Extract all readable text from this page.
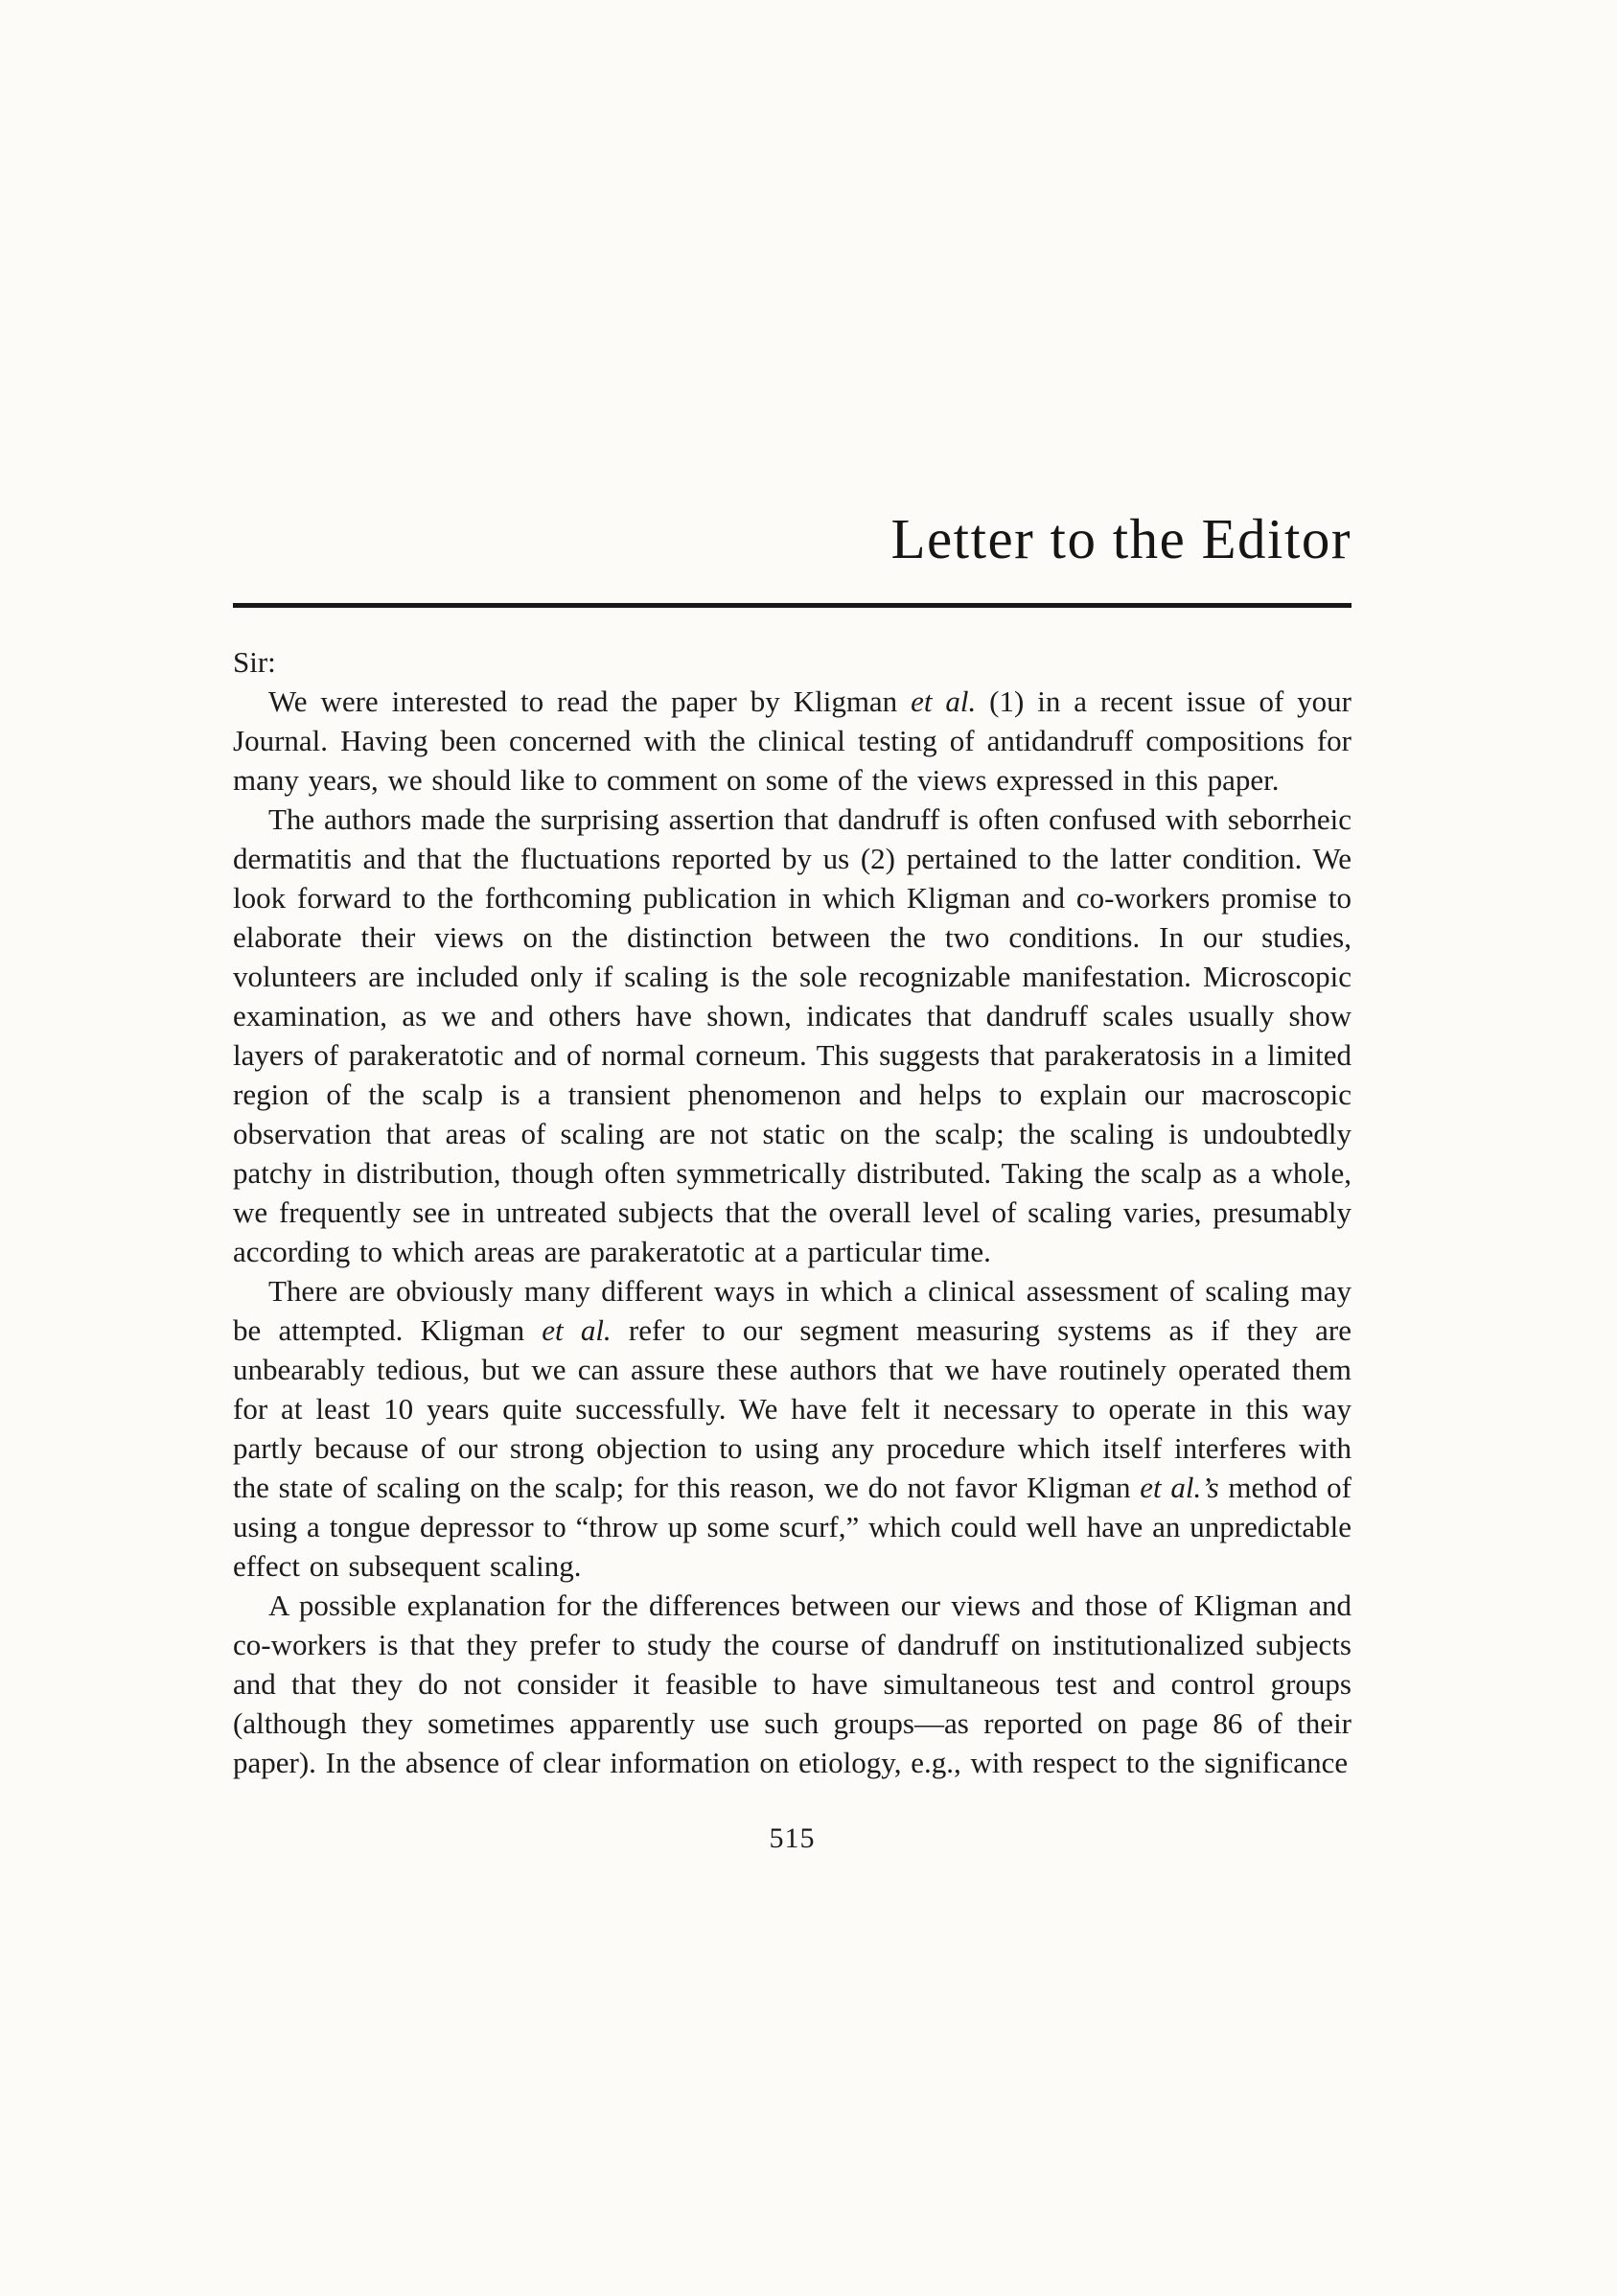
Letter to the Editor
Sir:

We were interested to read the paper by Kligman et al. (1) in a recent issue of your Journal. Having been concerned with the clinical testing of antidandruff compositions for many years, we should like to comment on some of the views expressed in this paper.

The authors made the surprising assertion that dandruff is often confused with seborrheic dermatitis and that the fluctuations reported by us (2) pertained to the latter condition. We look forward to the forthcoming publication in which Kligman and co-workers promise to elaborate their views on the distinction between the two conditions. In our studies, volunteers are included only if scaling is the sole recognizable manifestation. Microscopic examination, as we and others have shown, indicates that dandruff scales usually show layers of parakeratotic and of normal corneum. This suggests that parakeratosis in a limited region of the scalp is a transient phenomenon and helps to explain our macroscopic observation that areas of scaling are not static on the scalp; the scaling is undoubtedly patchy in distribution, though often symmetrically distributed. Taking the scalp as a whole, we frequently see in untreated subjects that the overall level of scaling varies, presumably according to which areas are parakeratotic at a particular time.

There are obviously many different ways in which a clinical assessment of scaling may be attempted. Kligman et al. refer to our segment measuring systems as if they are unbearably tedious, but we can assure these authors that we have routinely operated them for at least 10 years quite successfully. We have felt it necessary to operate in this way partly because of our strong objection to using any procedure which itself interferes with the state of scaling on the scalp; for this reason, we do not favor Kligman et al.’s method of using a tongue depressor to “throw up some scurf,” which could well have an unpredictable effect on subsequent scaling.

A possible explanation for the differences between our views and those of Kligman and co-workers is that they prefer to study the course of dandruff on institutionalized subjects and that they do not consider it feasible to have simultaneous test and control groups (although they sometimes apparently use such groups—as reported on page 86 of their paper). In the absence of clear information on etiology, e.g., with respect to the significance

515
